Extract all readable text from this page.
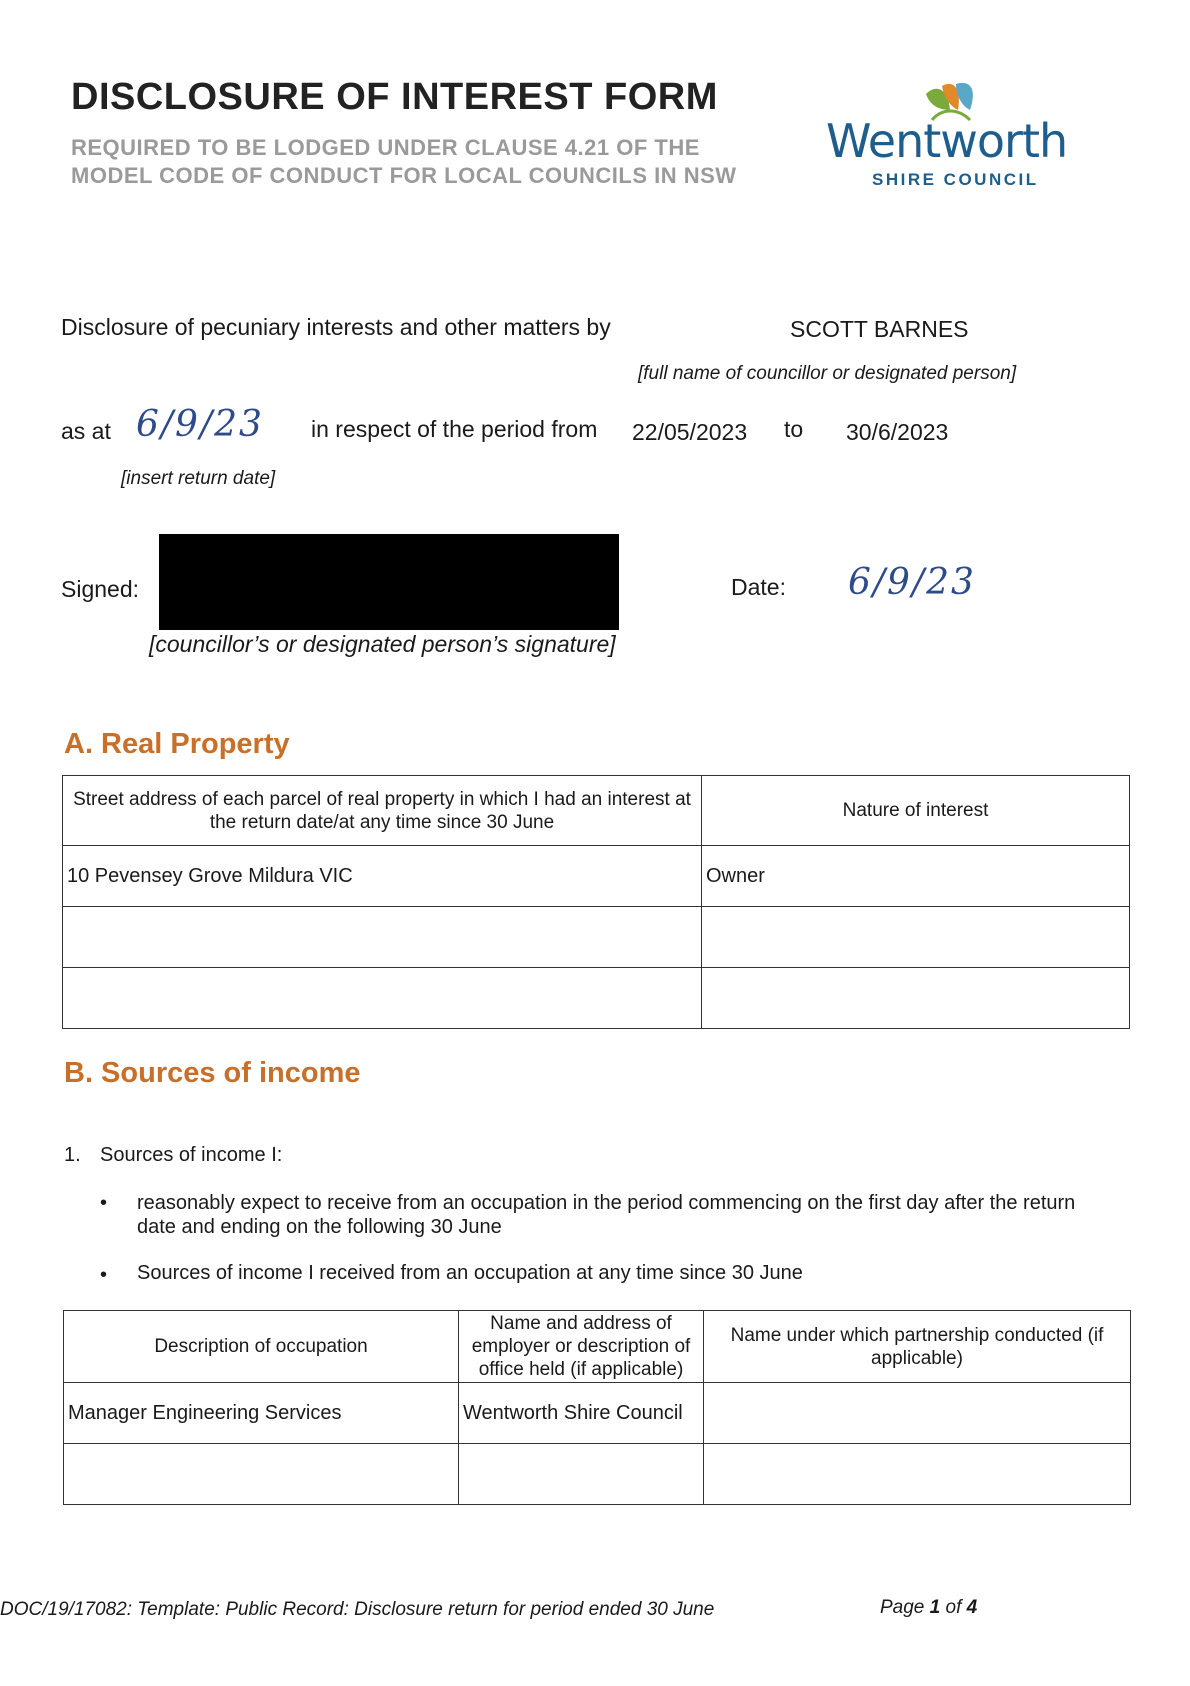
DISCLOSURE OF INTEREST FORM
REQUIRED TO BE LODGED UNDER CLAUSE 4.21 OF THE MODEL CODE OF CONDUCT FOR LOCAL COUNCILS IN NSW
Wentworth
SHIRE COUNCIL
Disclosure of pecuniary interests and other matters by	SCOTT BARNES
[full name of councillor or designated person]
as at 6/9/23
[insert return date]
in respect of the period from 22/05/2023 to 30/6/2023
Signed:
[councillor’s or designated person’s signature]
Date: 6/9/23
A. Real Property
Street address of each parcel of real property in which I had an interest at the return date/at any time since 30 June	Nature of interest
10 Pevensey Grove Mildura VIC	Owner

B. Sources of income
1. Sources of income I:
• reasonably expect to receive from an occupation in the period commencing on the first day after the return date and ending on the following 30 June
• Sources of income I received from an occupation at any time since 30 June
Description of occupation	Name and address of employer or description of office held (if applicable)	Name under which partnership conducted (if applicable)
Manager Engineering Services	Wentworth Shire Council	

DOC/19/17082: Template: Public Record: Disclosure return for period ended 30 June	Page 1 of 4
